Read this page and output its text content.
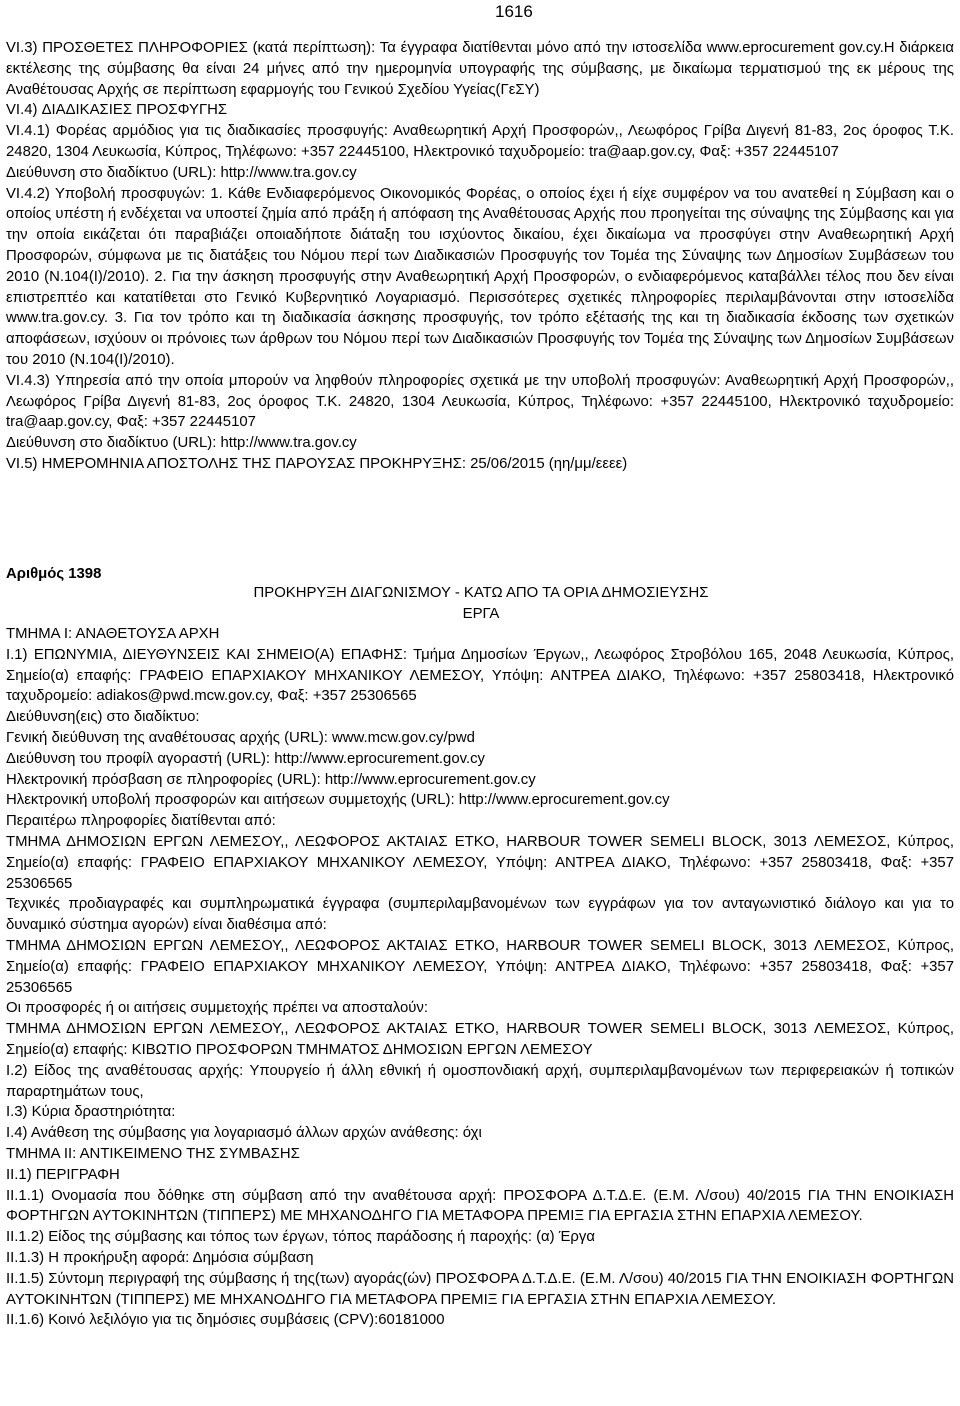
1616

VI.3) ΠΡΟΣΘΕΤΕΣ ΠΛΗΡΟΦΟΡΙΕΣ (κατά περίπτωση): Τα έγγραφα διατίθενται μόνο από την ιστοσελίδα www.eprocurement gov.cy.Η διάρκεια εκτέλεσης της σύμβασης θα είναι 24 μήνες από την ημερομηνία υπογραφής της σύμβασης, με δικαίωμα τερματισμού της εκ μέρους της Αναθέτουσας Αρχής σε περίπτωση εφαρμογής του Γενικού Σχεδίου Υγείας(ΓεΣΥ)

VI.4) ΔΙΑΔΙΚΑΣΙΕΣ ΠΡΟΣΦΥΓΗΣ

VI.4.1) Φορέας αρμόδιος για τις διαδικασίες προσφυγής: Αναθεωρητική Αρχή Προσφορών,, Λεωφόρος Γρίβα Διγενή 81-83, 2ος όροφος Τ.Κ. 24820, 1304 Λευκωσία, Κύπρος, Τηλέφωνο: +357 22445100, Ηλεκτρονικό ταχυδρομείο: tra@aap.gov.cy, Φαξ: +357 22445107

Διεύθυνση στο διαδίκτυο (URL): http://www.tra.gov.cy

VI.4.2) Υποβολή προσφυγών: 1. Κάθε Ενδιαφερόμενος Οικονομικός Φορέας, ο οποίος έχει ή είχε συμφέρον να του ανατεθεί η Σύμβαση και ο οποίος υπέστη ή ενδέχεται να υποστεί ζημία από πράξη ή απόφαση της Αναθέτουσας Αρχής που προηγείται της σύναψης της Σύμβασης και για την οποία εικάζεται ότι παραβιάζει οποιαδήποτε διάταξη του ισχύοντος δικαίου, έχει δικαίωμα να προσφύγει στην Αναθεωρητική Αρχή Προσφορών, σύμφωνα με τις διατάξεις του Νόμου περί των Διαδικασιών Προσφυγής τον Τομέα της Σύναψης των Δημοσίων Συμβάσεων του 2010 (Ν.104(Ι)/2010). 2. Για την άσκηση προσφυγής στην Αναθεωρητική Αρχή Προσφορών, ο ενδιαφερόμενος καταβάλλει τέλος που δεν είναι επιστρεπτέο και κατατίθεται στο Γενικό Κυβερνητικό Λογαριασμό. Περισσότερες σχετικές πληροφορίες περιλαμβάνονται στην ιστοσελίδα www.tra.gov.cy. 3. Για τον τρόπο και τη διαδικασία άσκησης προσφυγής, τον τρόπο εξέτασής της και τη διαδικασία έκδοσης των σχετικών αποφάσεων, ισχύουν οι πρόνοιες των άρθρων του Νόμου περί των Διαδικασιών Προσφυγής τον Τομέα της Σύναψης των Δημοσίων Συμβάσεων του 2010 (Ν.104(Ι)/2010).

VI.4.3) Υπηρεσία από την οποία μπορούν να ληφθούν πληροφορίες σχετικά με την υποβολή προσφυγών: Αναθεωρητική Αρχή Προσφορών,, Λεωφόρος Γρίβα Διγενή 81-83, 2ος όροφος Τ.Κ. 24820, 1304 Λευκωσία, Κύπρος, Τηλέφωνο: +357 22445100, Ηλεκτρονικό ταχυδρομείο: tra@aap.gov.cy, Φαξ: +357 22445107

Διεύθυνση στο διαδίκτυο (URL): http://www.tra.gov.cy

VI.5) ΗΜΕΡΟΜΗΝΙΑ ΑΠΟΣΤΟΛΗΣ ΤΗΣ ΠΑΡΟΥΣΑΣ ΠΡΟΚΗΡΥΞΗΣ: 25/06/2015 (ηη/μμ/εεεε)

Αριθμός 1398
ΠΡΟΚΗΡΥΞΗ ΔΙΑΓΩΝΙΣΜΟΥ - ΚΑΤΩ ΑΠΟ ΤΑ ΟΡΙΑ ΔΗΜΟΣΙΕΥΣΗΣ
ΕΡΓΑ

ΤΜΗΜΑ Ι: ΑΝΑΘΕΤΟΥΣΑ ΑΡΧΗ

Ι.1) ΕΠΩΝΥΜΙΑ, ΔΙΕΥΘΥΝΣΕΙΣ ΚΑΙ ΣΗΜΕΙΟ(Α) ΕΠΑΦΗΣ: Τμήμα Δημοσίων Έργων,, Λεωφόρος Στροβόλου 165, 2048 Λευκωσία, Κύπρος, Σημείο(α) επαφής: ΓΡΑΦΕΙΟ ΕΠΑΡΧΙΑΚΟΥ ΜΗΧΑΝΙΚΟΥ ΛΕΜΕΣΟΥ, Υπόψη: ΑΝΤΡΕΑ ΔΙΑΚΟ, Τηλέφωνο: +357 25803418, Ηλεκτρονικό ταχυδρομείο: adiakos@pwd.mcw.gov.cy, Φαξ: +357 25306565

Διεύθυνση(εις) στο διαδίκτυο:

Γενική διεύθυνση της αναθέτουσας αρχής (URL): www.mcw.gov.cy/pwd

Διεύθυνση του προφίλ αγοραστή (URL): http://www.eprocurement.gov.cy

Ηλεκτρονική πρόσβαση σε πληροφορίες (URL): http://www.eprocurement.gov.cy

Ηλεκτρονική υποβολή προσφορών και αιτήσεων συμμετοχής (URL): http://www.eprocurement.gov.cy

Περαιτέρω πληροφορίες διατίθενται από:

ΤΜΗΜΑ ΔΗΜΟΣΙΩΝ ΕΡΓΩΝ ΛΕΜΕΣΟΥ,, ΛΕΩΦΟΡΟΣ ΑΚΤΑΙΑΣ ΕΤΚΟ, HARBOUR TOWER SEMELI BLOCK, 3013 ΛΕΜΕΣΟΣ, Κύπρος, Σημείο(α) επαφής: ΓΡΑΦΕΙΟ ΕΠΑΡΧΙΑΚΟΥ ΜΗΧΑΝΙΚΟΥ ΛΕΜΕΣΟΥ, Υπόψη: ΑΝΤΡΕΑ ΔΙΑΚΟ, Τηλέφωνο: +357 25803418, Φαξ: +357 25306565

Τεχνικές προδιαγραφές και συμπληρωματικά έγγραφα (συμπεριλαμβανομένων των εγγράφων για τον ανταγωνιστικό διάλογο και για το δυναμικό σύστημα αγορών) είναι διαθέσιμα από:

ΤΜΗΜΑ ΔΗΜΟΣΙΩΝ ΕΡΓΩΝ ΛΕΜΕΣΟΥ,, ΛΕΩΦΟΡΟΣ ΑΚΤΑΙΑΣ ΕΤΚΟ, HARBOUR TOWER SEMELI BLOCK, 3013 ΛΕΜΕΣΟΣ, Κύπρος, Σημείο(α) επαφής: ΓΡΑΦΕΙΟ ΕΠΑΡΧΙΑΚΟΥ ΜΗΧΑΝΙΚΟΥ ΛΕΜΕΣΟΥ, Υπόψη: ΑΝΤΡΕΑ ΔΙΑΚΟ, Τηλέφωνο: +357 25803418, Φαξ: +357 25306565

Οι προσφορές ή οι αιτήσεις συμμετοχής πρέπει να αποσταλούν:

ΤΜΗΜΑ ΔΗΜΟΣΙΩΝ ΕΡΓΩΝ ΛΕΜΕΣΟΥ,, ΛΕΩΦΟΡΟΣ ΑΚΤΑΙΑΣ ΕΤΚΟ, HARBOUR TOWER SEMELI BLOCK, 3013 ΛΕΜΕΣΟΣ, Κύπρος, Σημείο(α) επαφής: ΚΙΒΩΤΙΟ ΠΡΟΣΦΟΡΩΝ ΤΜΗΜΑΤΟΣ ΔΗΜΟΣΙΩΝ ΕΡΓΩΝ ΛΕΜΕΣΟΥ

Ι.2) Είδος της αναθέτουσας αρχής: Υπουργείο ή άλλη εθνική ή ομοσπονδιακή αρχή, συμπεριλαμβανομένων των περιφερειακών ή τοπικών παραρτημάτων τους,

Ι.3) Κύρια δραστηριότητα:

Ι.4) Ανάθεση της σύμβασης για λογαριασμό άλλων αρχών ανάθεσης: όχι

ΤΜΗΜΑ ΙΙ: ΑΝΤΙΚΕΙΜΕΝΟ ΤΗΣ ΣΥΜΒΑΣΗΣ

ΙΙ.1) ΠΕΡΙΓΡΑΦΗ

ΙΙ.1.1) Ονομασία που δόθηκε στη σύμβαση από την αναθέτουσα αρχή: ΠΡΟΣΦΟΡΑ Δ.Τ.Δ.Ε. (Ε.Μ. Λ/σου) 40/2015 ΓΙΑ ΤΗΝ ΕΝΟΙΚΙΑΣΗ ΦΟΡΤΗΓΩΝ ΑΥΤΟΚΙΝΗΤΩΝ (ΤΙΠΠΕΡΣ) ΜΕ ΜΗΧΑΝΟΔΗΓΟ ΓΙΑ ΜΕΤΑΦΟΡΑ ΠΡΕΜΙΞ ΓΙΑ ΕΡΓΑΣΙΑ ΣΤΗΝ ΕΠΑΡΧΙΑ ΛΕΜΕΣΟΥ.

ΙΙ.1.2) Είδος της σύμβασης και τόπος των έργων, τόπος παράδοσης ή παροχής: (α) Έργα

ΙΙ.1.3) Η προκήρυξη αφορά: Δημόσια σύμβαση

ΙΙ.1.5) Σύντομη περιγραφή της σύμβασης ή της(των) αγοράς(ών) ΠΡΟΣΦΟΡΑ Δ.Τ.Δ.Ε. (Ε.Μ. Λ/σου) 40/2015 ΓΙΑ ΤΗΝ ΕΝΟΙΚΙΑΣΗ ΦΟΡΤΗΓΩΝ ΑΥΤΟΚΙΝΗΤΩΝ (ΤΙΠΠΕΡΣ) ΜΕ ΜΗΧΑΝΟΔΗΓΟ ΓΙΑ ΜΕΤΑΦΟΡΑ ΠΡΕΜΙΞ ΓΙΑ ΕΡΓΑΣΙΑ ΣΤΗΝ ΕΠΑΡΧΙΑ ΛΕΜΕΣΟΥ.

ΙΙ.1.6) Κοινό λεξιλόγιο για τις δημόσιες συμβάσεις (CPV):60181000
